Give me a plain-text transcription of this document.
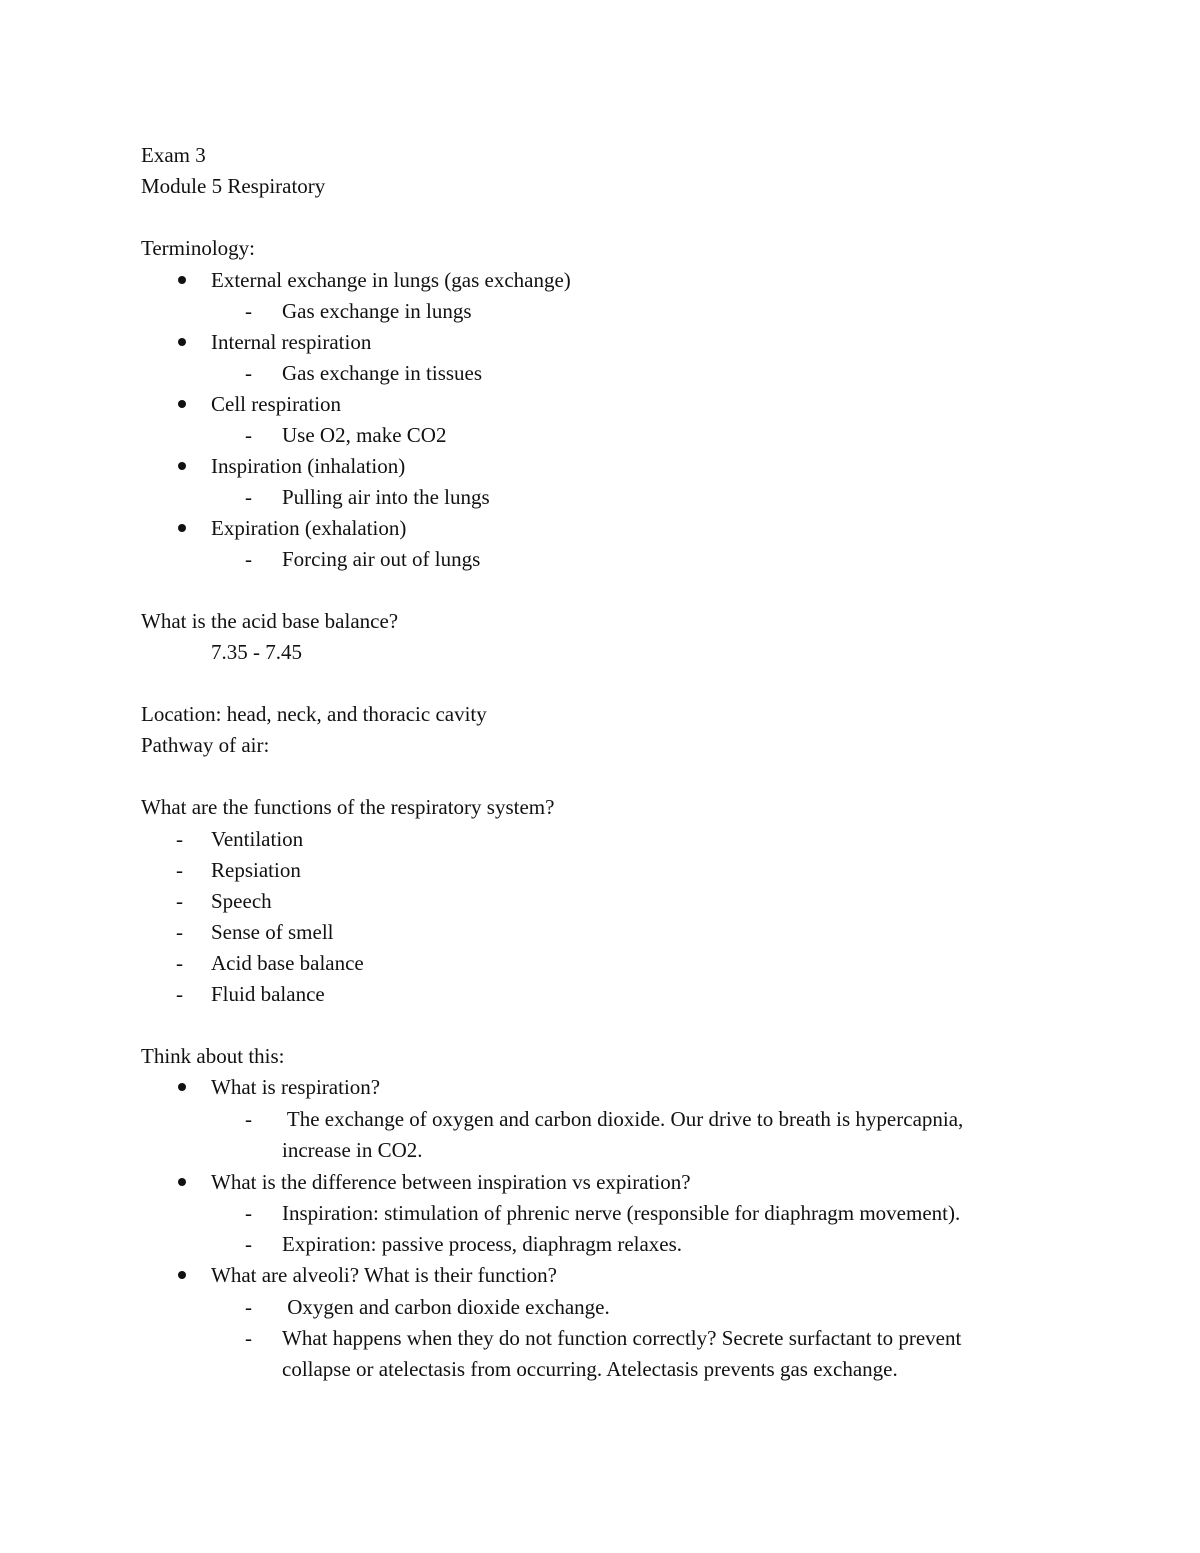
Exam 3
Module 5 Respiratory
Terminology:
External exchange in lungs (gas exchange)
- Gas exchange in lungs
Internal respiration
- Gas exchange in tissues
Cell respiration
- Use O2, make CO2
Inspiration (inhalation)
- Pulling air into the lungs
Expiration (exhalation)
- Forcing air out of lungs
What is the acid base balance?
7.35 - 7.45
Location: head, neck, and thoracic cavity
Pathway of air:
What are the functions of the respiratory system?
- Ventilation
- Repsiation
- Speech
- Sense of smell
- Acid base balance
- Fluid balance
Think about this:
What is respiration?
- The exchange of oxygen and carbon dioxide. Our drive to breath is hypercapnia,
increase in CO2.
What is the difference between inspiration vs expiration?
- Inspiration: stimulation of phrenic nerve (responsible for diaphragm movement).
- Expiration: passive process, diaphragm relaxes.
What are alveoli? What is their function?
- Oxygen and carbon dioxide exchange.
- What happens when they do not function correctly? Secrete surfactant to prevent
collapse or atelectasis from occurring. Atelectasis prevents gas exchange.
